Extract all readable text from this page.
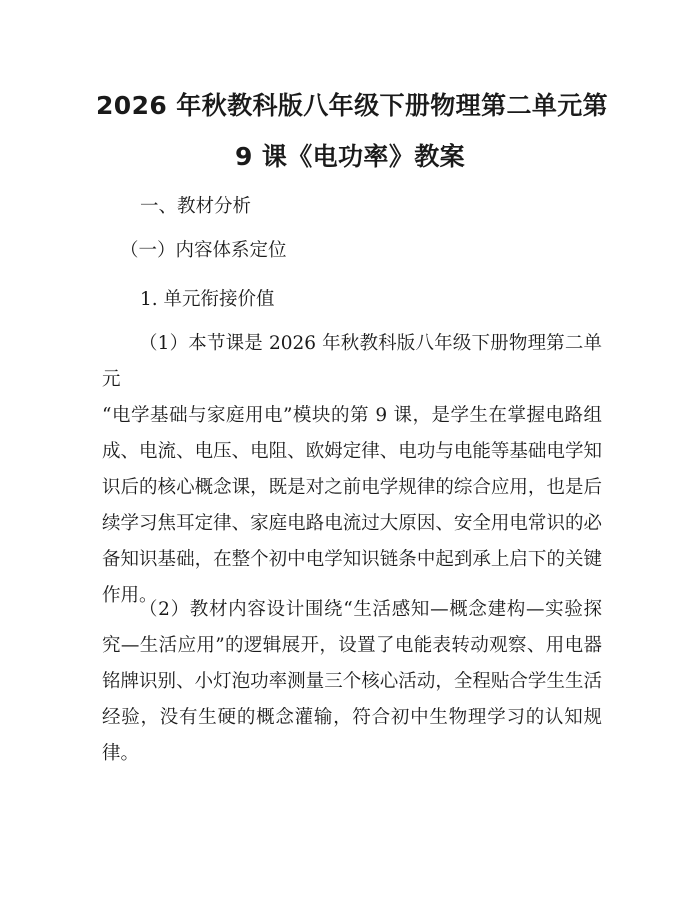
2026 年秋教科版八年级下册物理第二单元第
9 课《电功率》教案

一、教材分析

（一）内容体系定位

1. 单元衔接价值

（1）本节课是 2026 年秋教科版八年级下册物理第二单元
“电学基础与家庭用电”模块的第 9 课，是学生在掌握电路组
成、电流、电压、电阻、欧姆定律、电功与电能等基础电学知
识后的核心概念课，既是对之前电学规律的综合应用，也是后
续学习焦耳定律、家庭电路电流过大原因、安全用电常识的必
备知识基础，在整个初中电学知识链条中起到承上启下的关键
作用。
（2）教材内容设计围绕“生活感知—概念建构—实验探
究—生活应用”的逻辑展开，设置了电能表转动观察、用电器
铭牌识别、小灯泡功率测量三个核心活动，全程贴合学生生活
经验，没有生硬的概念灌输，符合初中生物理学习的认知规
律。
